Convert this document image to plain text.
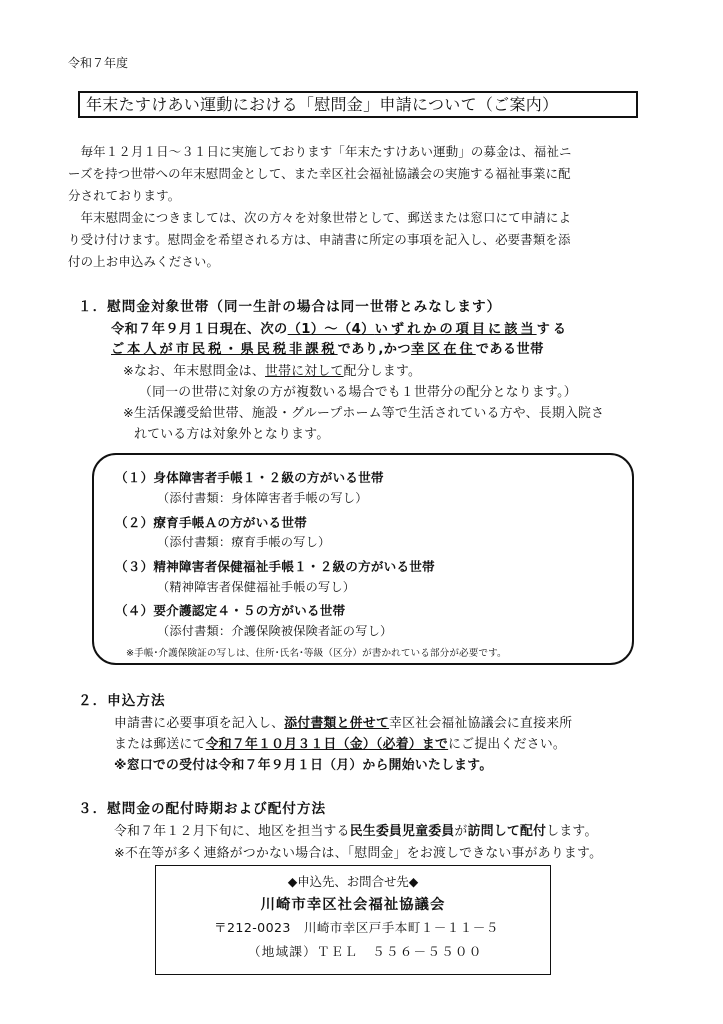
令和７年度
年末たすけあい運動における「慰問金」申請について（ご案内）
　毎年１２月１日～３１日に実施しております「年末たすけあい運動」の募金は、福祉ニ
ーズを持つ世帯への年末慰問金として、また幸区社会福祉協議会の実施する福祉事業に配
分されております。
　年末慰問金につきましては、次の方々を対象世帯として、郵送または窓口にて申請によ
り受け付けます。慰問金を希望される方は、申請書に所定の事項を記入し、必要書類を添
付の上お申込みください。
１．慰問金対象世帯（同一生計の場合は同一世帯とみなします）
令和７年９月１日現在、次の（1）～（4）いずれかの項目に該当する
ご本人が市民税・県民税非課税であり,かつ幸区在住である世帯
※なお、年末慰問金は、世帯に対して配分します。
（同一の世帯に対象の方が複数いる場合でも１世帯分の配分となります。）
※生活保護受給世帯、施設・グループホーム等で生活されている方や、長期入院さ
れている方は対象外となります。
（１）身体障害者手帳１・２級の方がいる世帯
（添付書類：身体障害者手帳の写し）
（２）療育手帳Ａの方がいる世帯
（添付書類：療育手帳の写し）
（３）精神障害者保健福祉手帳１・２級の方がいる世帯
（精神障害者保健福祉手帳の写し）
（４）要介護認定４・５の方がいる世帯
（添付書類：介護保険被保険者証の写し）
※手帳･介護保険証の写しは、住所･氏名･等級（区分）が書かれている部分が必要です。
２．申込方法
申請書に必要事項を記入し、添付書類と併せて幸区社会福祉協議会に直接来所
または郵送にて令和７年１０月３１日（金）（必着）までにご提出ください。
※窓口での受付は令和７年９月１日（月）から開始いたします。
３．慰問金の配付時期および配付方法
令和７年１２月下旬に、地区を担当する民生委員児童委員が訪問して配付します。
※不在等が多く連絡がつかない場合は、「慰問金」をお渡しできない事があります。
◆申込先、お問合せ先◆
川崎市幸区社会福祉協議会
〒212-0023　川崎市幸区戸手本町１－１１－５
（地域課）ＴＥＬ　５５６－５５００
